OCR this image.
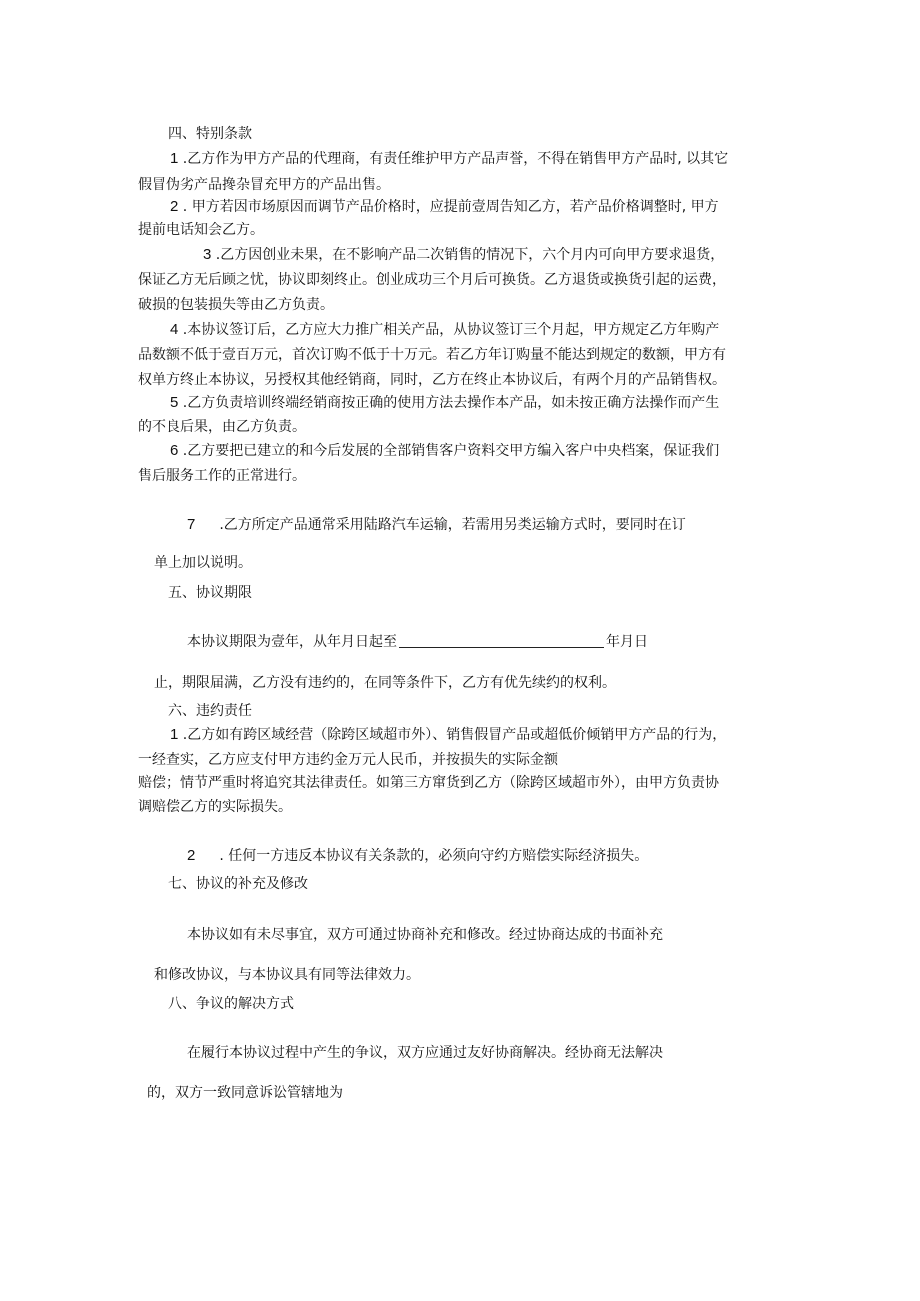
四、特别条款
1 .乙方作为甲方产品的代理商，有责任维护甲方产品声誉，不得在销售甲方产品时, 以其它
假冒伪劣产品搀杂冒充甲方的产品出售。
2 . 甲方若因市场原因而调节产品价格时，应提前壹周告知乙方，若产品价格调整时, 甲方
提前电话知会乙方。
3 .乙方因创业未果，在不影响产品二次销售的情况下，六个月内可向甲方要求退货，
保证乙方无后顾之忧，协议即刻终止。创业成功三个月后可换货。乙方退货或换货引起的运费，
破损的包装损失等由乙方负责。
4 .本协议签订后，乙方应大力推广相关产品，从协议签订三个月起，甲方规定乙方年购产
品数额不低于壹百万元，首次订购不低于十万元。若乙方年订购量不能达到规定的数额，甲方有
权单方终止本协议，另授权其他经销商，同时，乙方在终止本协议后，有两个月的产品销售权。
5 .乙方负责培训终端经销商按正确的使用方法去操作本产品，如未按正确方法操作而产生
的不良后果，由乙方负责。
6 .乙方要把已建立的和今后发展的全部销售客户资料交甲方编入客户中央档案，保证我们
售后服务工作的正常进行。
7 .乙方所定产品通常采用陆路汽车运输，若需用另类运输方式时，要同时在订
单上加以说明。
五、协议期限
本协议期限为壹年，从年月日起至	年月日
止，期限届满，乙方没有违约的，在同等条件下，乙方有优先续约的权利。
六、违约责任
1 .乙方如有跨区域经营（除跨区域超市外）、销售假冒产品或超低价倾销甲方产品的行为，
一经查实，乙方应支付甲方违约金万元人民币，并按损失的实际金额
赔偿；情节严重时将追究其法律责任。如第三方窜货到乙方（除跨区域超市外），由甲方负责协
调赔偿乙方的实际损失。
2 . 任何一方违反本协议有关条款的，必须向守约方赔偿实际经济损失。
七、协议的补充及修改
本协议如有未尽事宜，双方可通过协商补充和修改。经过协商达成的书面补充
和修改协议，与本协议具有同等法律效力。
八、争议的解决方式
在履行本协议过程中产生的争议，双方应通过友好协商解决。经协商无法解决
的，双方一致同意诉讼管辖地为
